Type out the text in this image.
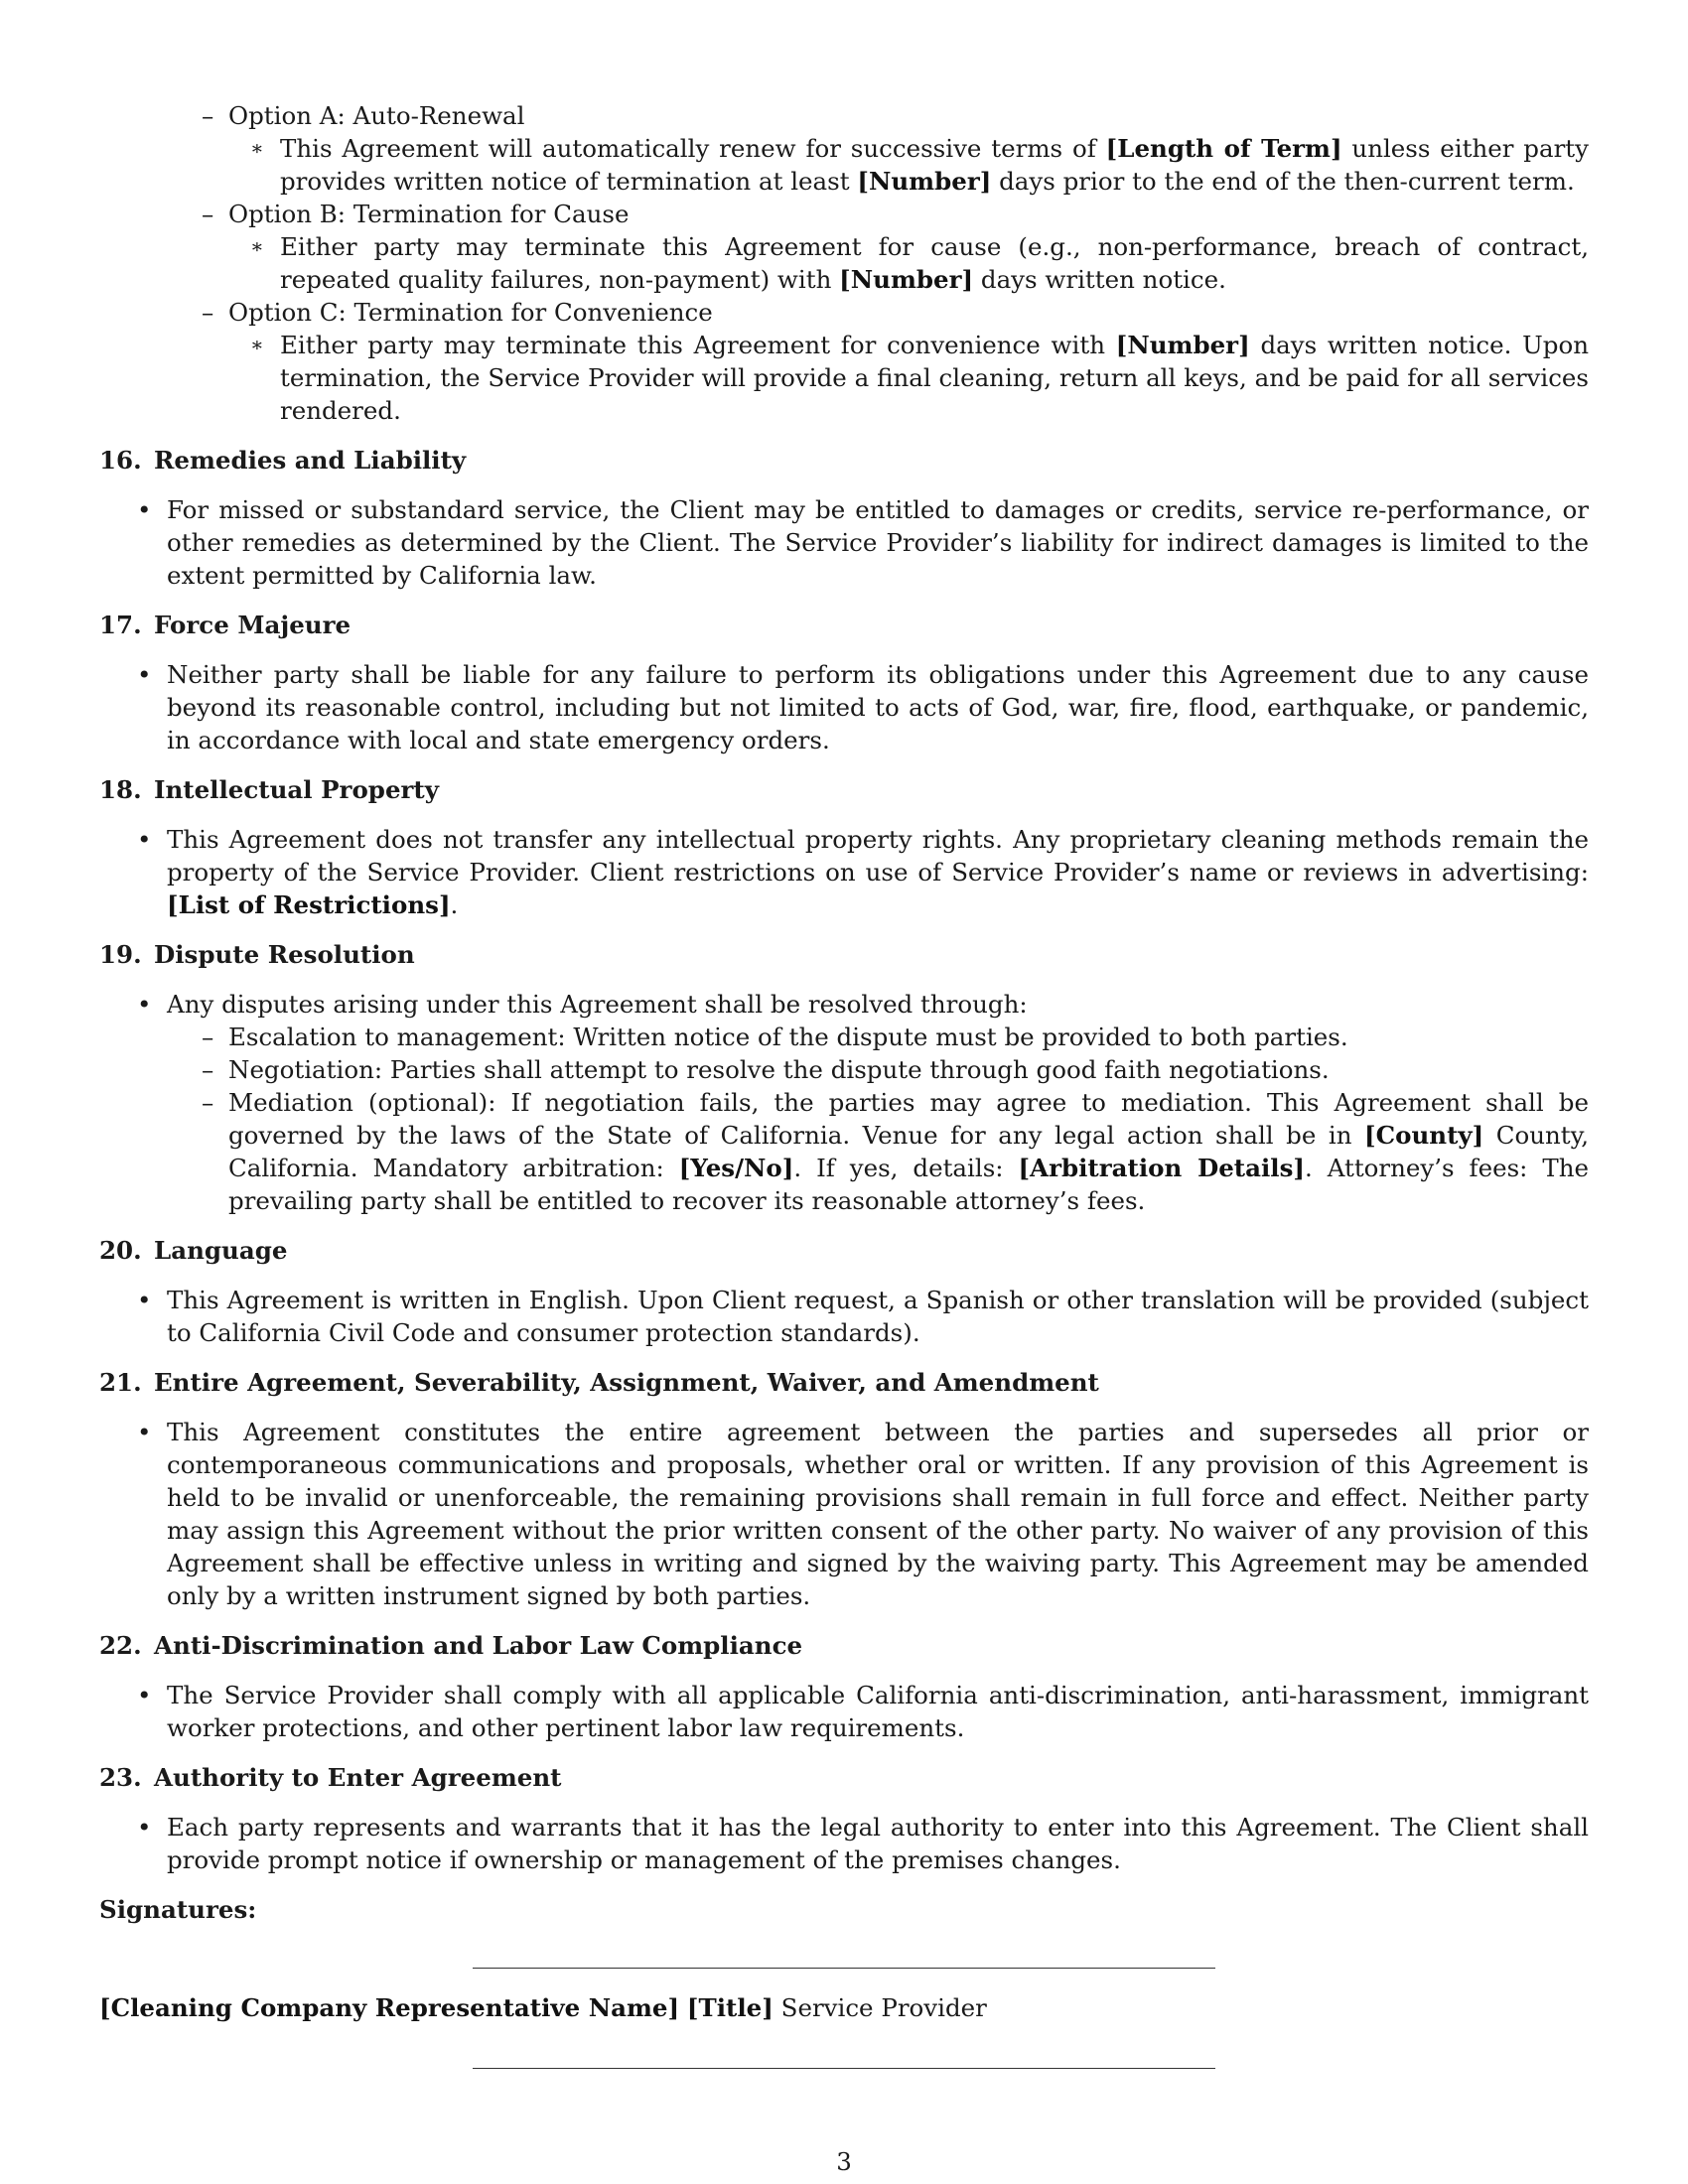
– Option A: Auto-Renewal

∗ This Agreement will automatically renew for successive terms of [Length of Term] unless either party provides written notice of termination at least [Number] days prior to the end of the then-current term.

– Option B: Termination for Cause

∗ Either party may terminate this Agreement for cause (e.g., non-performance, breach of contract, repeated quality failures, non-payment) with [Number] days written notice.

– Option C: Termination for Convenience

∗ Either party may terminate this Agreement for convenience with [Number] days written notice. Upon termination, the Service Provider will provide a final cleaning, return all keys, and be paid for all services rendered.

16. Remedies and Liability

• For missed or substandard service, the Client may be entitled to damages or credits, service re-performance, or other remedies as determined by the Client. The Service Provider’s liability for indirect damages is limited to the extent permitted by California law.

17. Force Majeure

• Neither party shall be liable for any failure to perform its obligations under this Agreement due to any cause beyond its reasonable control, including but not limited to acts of God, war, fire, flood, earthquake, or pandemic, in accordance with local and state emergency orders.

18. Intellectual Property

• This Agreement does not transfer any intellectual property rights. Any proprietary cleaning methods remain the property of the Service Provider. Client restrictions on use of Service Provider’s name or reviews in advertising: [List of Restrictions].

19. Dispute Resolution

• Any disputes arising under this Agreement shall be resolved through:

– Escalation to management: Written notice of the dispute must be provided to both parties.

– Negotiation: Parties shall attempt to resolve the dispute through good faith negotiations.

– Mediation (optional): If negotiation fails, the parties may agree to mediation. This Agreement shall be governed by the laws of the State of California. Venue for any legal action shall be in [County] County, California. Mandatory arbitration: [Yes/No]. If yes, details: [Arbitration Details]. Attorney’s fees: The prevailing party shall be entitled to recover its reasonable attorney’s fees.

20. Language

• This Agreement is written in English. Upon Client request, a Spanish or other translation will be provided (subject to California Civil Code and consumer protection standards).

21. Entire Agreement, Severability, Assignment, Waiver, and Amendment

• This Agreement constitutes the entire agreement between the parties and supersedes all prior or contemporaneous communications and proposals, whether oral or written. If any provision of this Agreement is held to be invalid or unenforceable, the remaining provisions shall remain in full force and effect. Neither party may assign this Agreement without the prior written consent of the other party. No waiver of any provision of this Agreement shall be effective unless in writing and signed by the waiving party. This Agreement may be amended only by a written instrument signed by both parties.

22. Anti-Discrimination and Labor Law Compliance

• The Service Provider shall comply with all applicable California anti-discrimination, anti-harassment, immigrant worker protections, and other pertinent labor law requirements.

23. Authority to Enter Agreement

• Each party represents and warrants that it has the legal authority to enter into this Agreement. The Client shall provide prompt notice if ownership or management of the premises changes.

Signatures:

[Cleaning Company Representative Name] [Title] Service Provider

3
